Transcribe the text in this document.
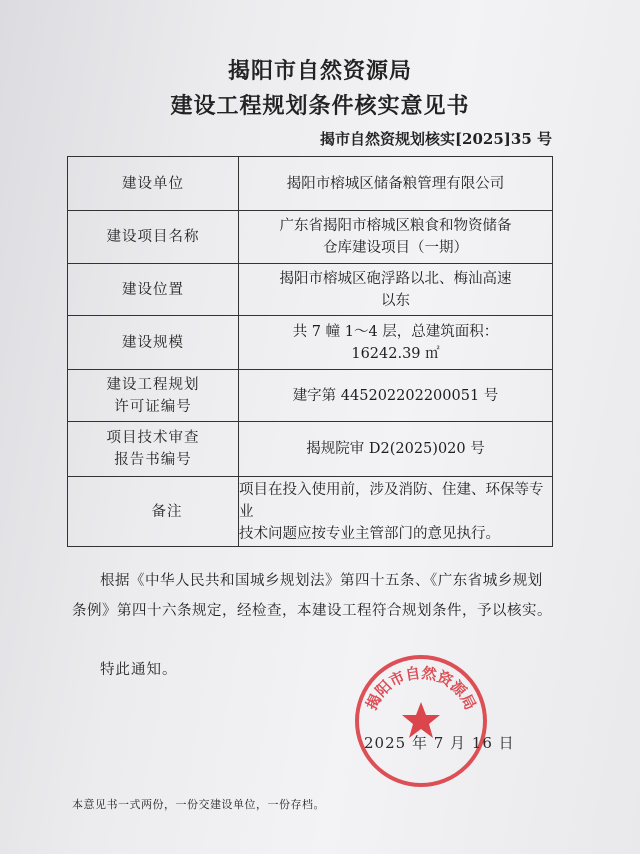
揭阳市自然资源局
建设工程规划条件核实意见书
揭市自然资规划核实[2025]35 号
建设单位	揭阳市榕城区储备粮管理有限公司
建设项目名称	广东省揭阳市榕城区粮食和物资储备
仓库建设项目（一期）

建设位置	揭阳市榕城区砲浮路以北、梅汕高速
以东

建设规模	共 7 幢 1～4 层，总建筑面积：
16242.39 ㎡

建设工程规划
许可证编号	建字第 445202202200051 号

项目技术审查
报告书编号	揭规院审 D2(2025)020 号
备注	项目在投入使用前，涉及消防、住建、环保等专业
技术问题应按专业主管部门的意见执行。
根据《中华人民共和国城乡规划法》第四十五条、《广东省城乡规划条例》第四十六条规定，经检查，本建设工程符合规划条件，予以核实。
特此通知。
揭阳市自然资源局
2025 年 7 月 16 日
本意见书一式两份，一份交建设单位，一份存档。
